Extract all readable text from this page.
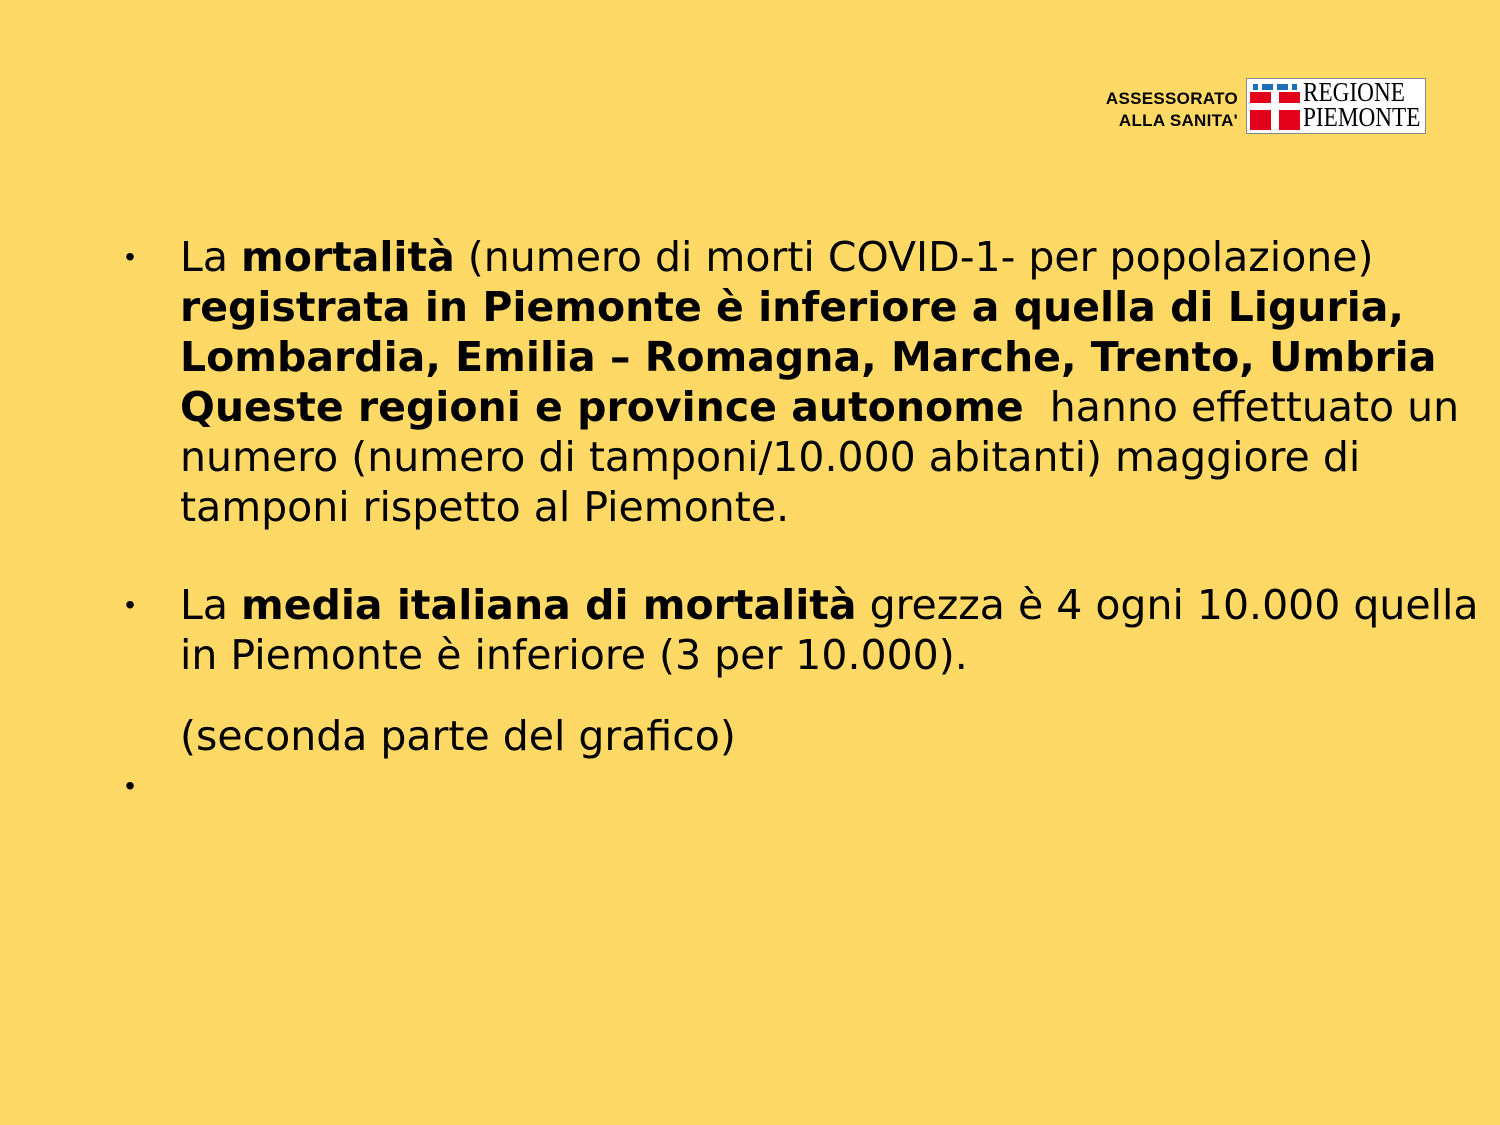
ASSESSORATO
ALLA SANITA'
REGIONE
PIEMONTE
• La mortalità (numero di morti COVID-1- per popolazione)
registrata in Piemonte è inferiore a quella di Liguria,
Lombardia, Emilia – Romagna, Marche, Trento, Umbria
Queste regioni e province autonome  hanno effettuato un
numero (numero di tamponi/10.000 abitanti) maggiore di
tamponi rispetto al Piemonte.
• La media italiana di mortalità grezza è 4 ogni 10.000 quella
in Piemonte è inferiore (3 per 10.000).
(seconda parte del grafico)
•
